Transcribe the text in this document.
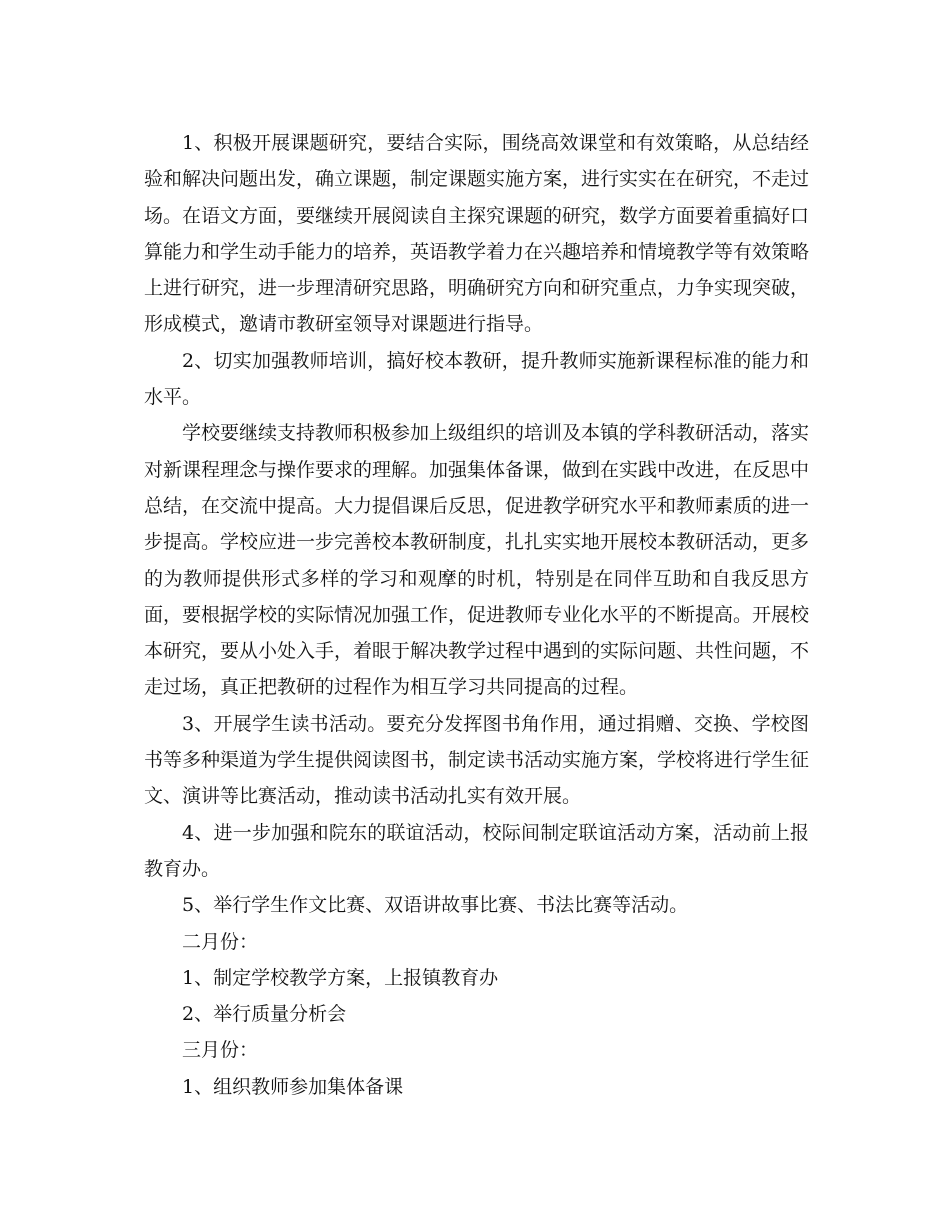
1、积极开展课题研究，要结合实际，围绕高效课堂和有效策略，从总结经验和解决问题出发，确立课题，制定课题实施方案，进行实实在在研究，不走过场。在语文方面，要继续开展阅读自主探究课题的研究，数学方面要着重搞好口算能力和学生动手能力的培养，英语教学着力在兴趣培养和情境教学等有效策略上进行研究，进一步理清研究思路，明确研究方向和研究重点，力争实现突破，形成模式，邀请市教研室领导对课题进行指导。

2、切实加强教师培训，搞好校本教研，提升教师实施新课程标准的能力和水平。

学校要继续支持教师积极参加上级组织的培训及本镇的学科教研活动，落实对新课程理念与操作要求的理解。加强集体备课，做到在实践中改进，在反思中总结，在交流中提高。大力提倡课后反思，促进教学研究水平和教师素质的进一步提高。学校应进一步完善校本教研制度，扎扎实实地开展校本教研活动，更多的为教师提供形式多样的学习和观摩的时机，特别是在同伴互助和自我反思方面，要根据学校的实际情况加强工作，促进教师专业化水平的不断提高。开展校本研究，要从小处入手，着眼于解决教学过程中遇到的实际问题、共性问题，不走过场，真正把教研的过程作为相互学习共同提高的过程。

3、开展学生读书活动。要充分发挥图书角作用，通过捐赠、交换、学校图书等多种渠道为学生提供阅读图书，制定读书活动实施方案，学校将进行学生征文、演讲等比赛活动，推动读书活动扎实有效开展。

4、进一步加强和院东的联谊活动，校际间制定联谊活动方案，活动前上报教育办。

5、举行学生作文比赛、双语讲故事比赛、书法比赛等活动。

二月份：

1、制定学校教学方案，上报镇教育办

2、举行质量分析会

三月份：

1、组织教师参加集体备课
